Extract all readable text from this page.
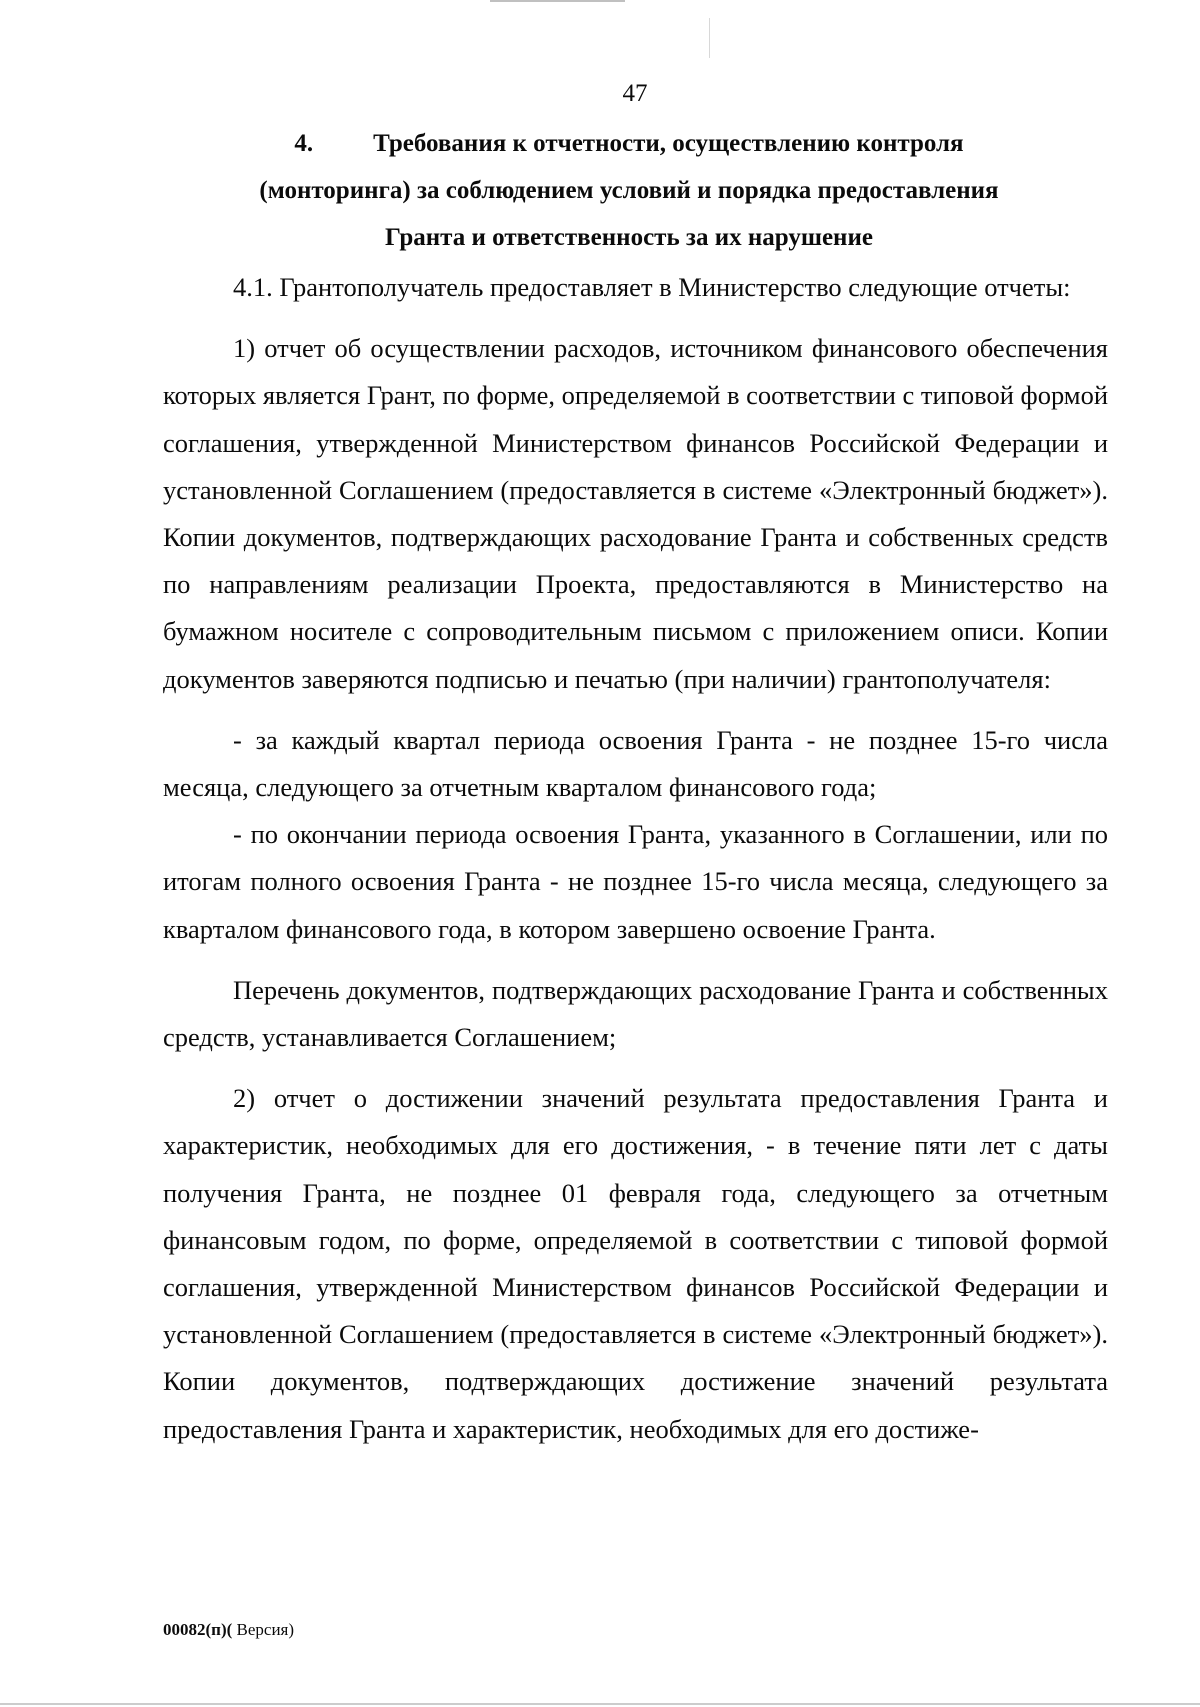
47
4. Требования к отчетности, осуществлению контроля
(монторинга) за соблюдением условий и порядка предоставления
Гранта и ответственность за их нарушение

4.1. Грантополучатель предоставляет в Министерство следующие отчеты:

1) отчет об осуществлении расходов, источником финансового обеспечения которых является Грант, по форме, определяемой в соответствии с типовой формой соглашения, утвержденной Министерством финансов Российской Федерации и установленной Соглашением (предоставляется в системе «Электронный бюджет»). Копии документов, подтверждающих расходование Гранта и собственных средств по направлениям реализации Проекта, предоставляются в Министерство на бумажном носителе с сопроводительным письмом с приложением описи. Копии документов заверяются подписью и печатью (при наличии) грантополучателя:

- за каждый квартал периода освоения Гранта - не позднее 15-го числа месяца, следующего за отчетным кварталом финансового года;

- по окончании периода освоения Гранта, указанного в Соглашении, или по итогам полного освоения Гранта - не позднее 15-го числа месяца, следующего за кварталом финансового года, в котором завершено освоение Гранта.

Перечень документов, подтверждающих расходование Гранта и собственных средств, устанавливается Соглашением;

2) отчет о достижении значений результата предоставления Гранта и характеристик, необходимых для его достижения, - в течение пяти лет с даты получения Гранта, не позднее 01 февраля года, следующего за отчетным финансовым годом, по форме, определяемой в соответствии с типовой формой соглашения, утвержденной Министерством финансов Российской Федерации и установленной Соглашением (предоставляется в системе «Электронный бюджет»). Копии документов, подтверждающих достижение значений результата предоставления Гранта и характеристик, необходимых для его достиже-

00082(п)( Версия)
